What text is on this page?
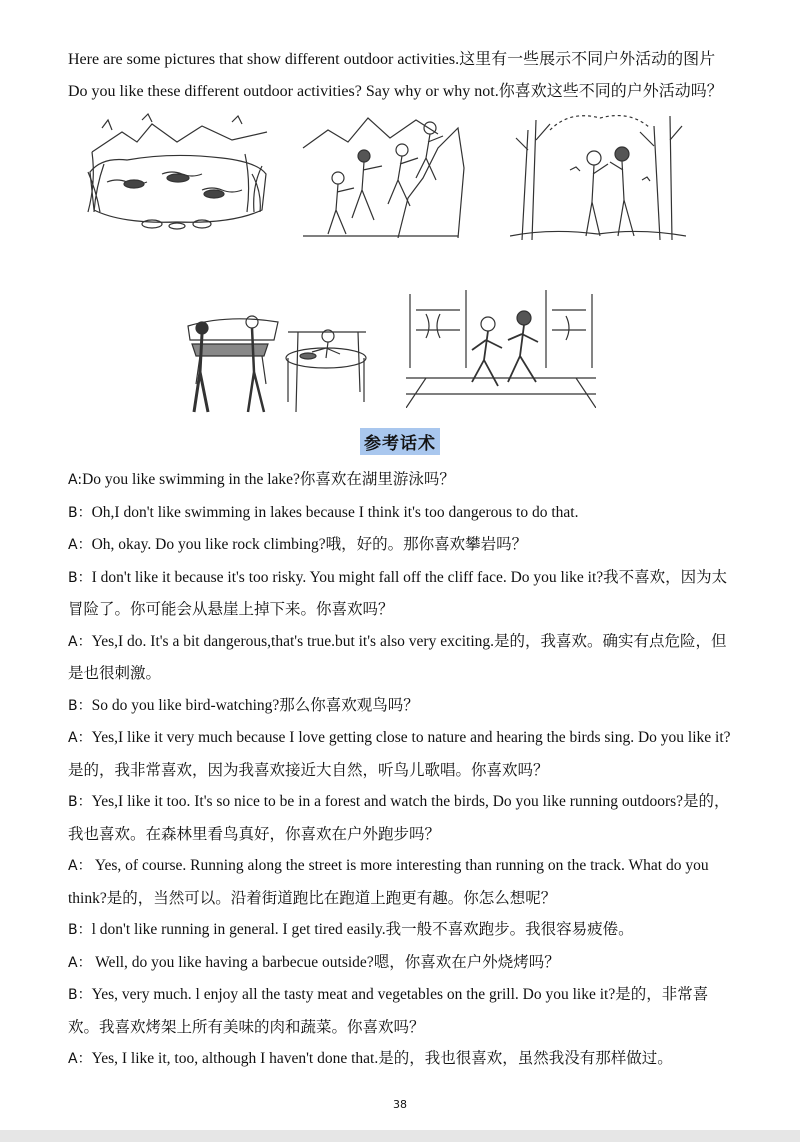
Here are some pictures that show different outdoor activities.这里有一些展示不同户外活动的图片

Do you like these different outdoor activities? Say why or why not.你喜欢这些不同的户外活动吗？

参考话术

A:Do you like swimming in the lake?你喜欢在湖里游泳吗？

B：Oh,I don't like swimming in lakes because I think it's too dangerous to do that.

A：Oh, okay. Do you like rock climbing?哦，好的。那你喜欢攀岩吗？

B：I don't like it because it's too risky. You might fall off the cliff face. Do you like it?我不喜欢，因为太冒险了。你可能会从悬崖上掉下来。你喜欢吗？

A：Yes,I do. It's a bit dangerous,that's true.but it's also very exciting.是的，我喜欢。确实有点危险，但是也很刺激。

B：So do you like bird-watching?那么你喜欢观鸟吗？

A：Yes,I like it very much because I love getting close to nature and hearing the birds sing. Do you like it?是的，我非常喜欢，因为我喜欢接近大自然，听鸟儿歌唱。你喜欢吗？

B：Yes,I like it too. It's so nice to be in a forest and watch the birds, Do you like running outdoors?是的，我也喜欢。在森林里看鸟真好，你喜欢在户外跑步吗？

A： Yes, of course. Running along the street is more interesting than running on the track. What do you think?是的，当然可以。沿着街道跑比在跑道上跑更有趣。你怎么想呢？

B：l don't like running in general. I get tired easily.我一般不喜欢跑步。我很容易疲倦。

A： Well, do you like having a barbecue outside?嗯，你喜欢在户外烧烤吗？

B：Yes, very much. l enjoy all the tasty meat and vegetables on the grill. Do you like it?是的，非常喜欢。我喜欢烤架上所有美味的肉和蔬菜。你喜欢吗？

A：Yes, I like it, too, although I haven't done that.是的，我也很喜欢，虽然我没有那样做过。

38
